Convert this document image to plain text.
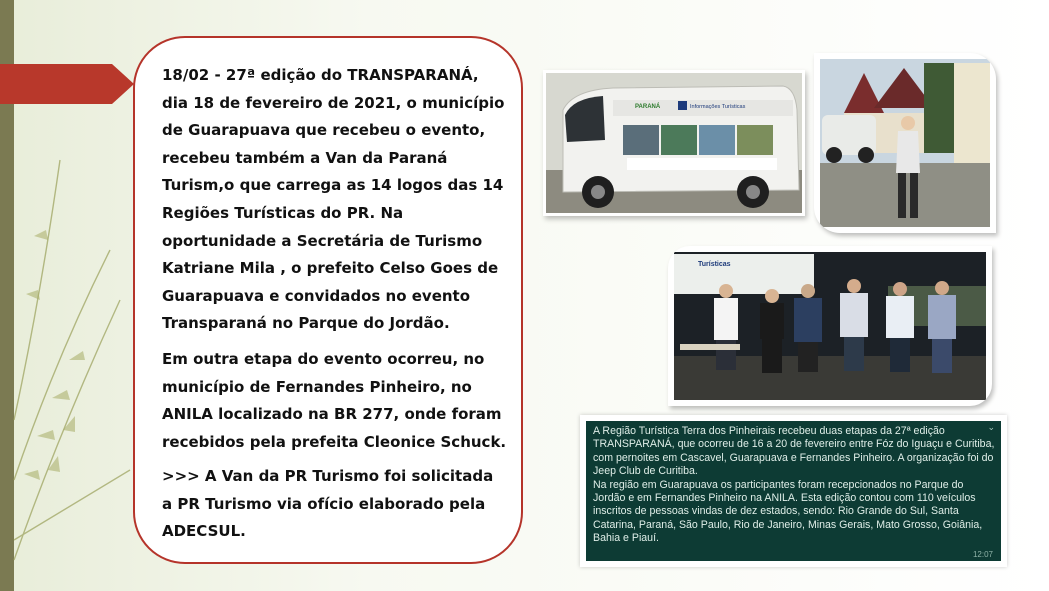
18/02 - 27ª edição do TRANSPARANÁ, dia 18 de fevereiro de 2021, o município de Guarapuava que recebeu o evento, recebeu também a Van da Paraná Turism,o que carrega as 14 logos das 14 Regiões Turísticas do PR. Na oportunidade a Secretária de Turismo Katriane Mila , o prefeito Celso Goes de Guarapuava e convidados no evento Transparaná no Parque do Jordão.

Em outra etapa do evento ocorreu, no município de Fernandes Pinheiro, no ANILA localizado na BR 277, onde foram recebidos pela prefeita Cleonice Schuck.

>>> A Van da PR Turismo foi solicitada a PR Turismo via ofício elaborado pela ADECSUL.

PARANÁ	Informações Turísticas
Turísticas
A Região Turística Terra dos Pinheirais recebeu duas etapas da 27ª edição TRANSPARANÁ, que ocorreu de 16 a 20 de fevereiro entre Fóz do Iguaçu e Curitiba, com pernoites em Cascavel, Guarapuava e Fernandes Pinheiro. A organização foi do Jeep Club de Curitiba.
Na região em Guarapuava os participantes foram recepcionados no Parque do Jordão e em Fernandes Pinheiro na ANILA. Esta edição contou com 110 veículos inscritos de pessoas vindas de dez estados, sendo: Rio Grande do Sul, Santa Catarina, Paraná, São Paulo, Rio de Janeiro, Minas Gerais, Mato Grosso, Goiânia, Bahia e Piauí.
⌄
12:07
